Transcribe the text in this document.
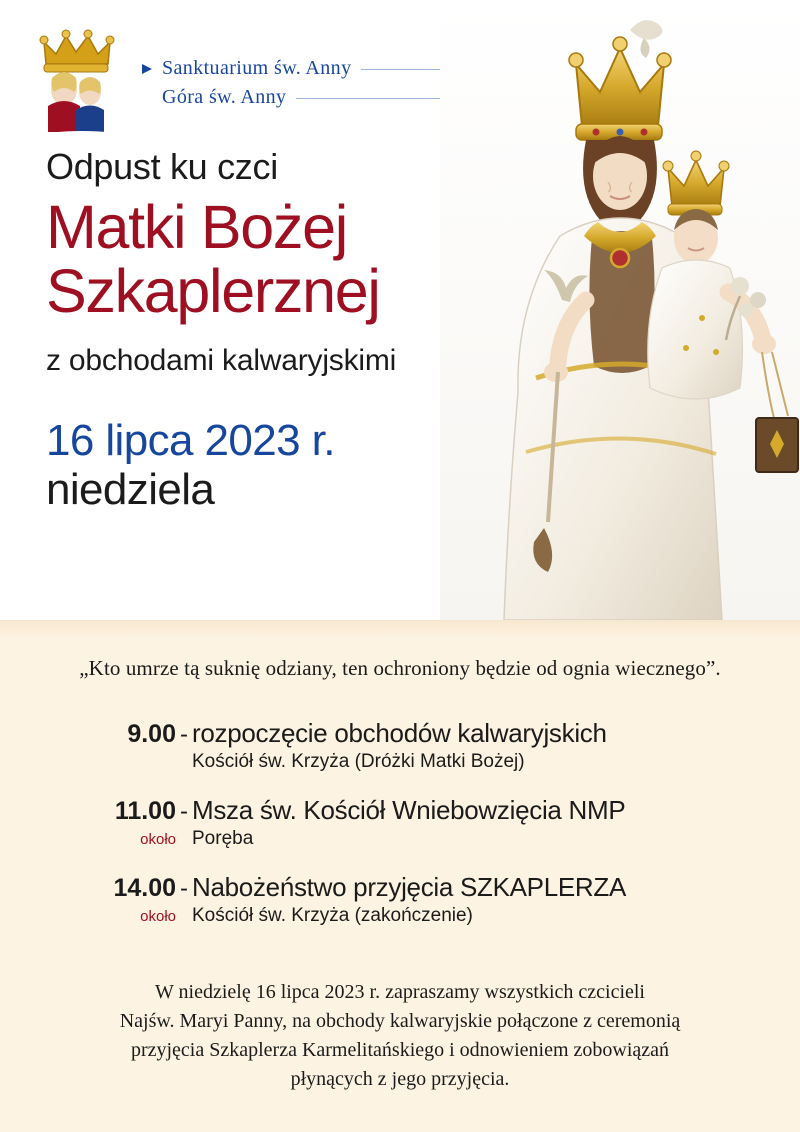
Sanktuarium św. Anny
Góra św. Anny
Odpust ku czci
Matki Bożej
Szkaplerznej
z obchodami kalwaryjskimi
16 lipca 2023 r.
niedziela
„Kto umrze tą suknię odziany, ten ochroniony będzie od ognia wiecznego”.
9.00 - rozpoczęcie obchodów kalwaryjskich
Kościół św. Krzyża (Dróżki Matki Bożej)
11.00 - Msza św. Kościół Wniebowzięcia NMP
około Poręba
14.00 - Nabożeństwo przyjęcia SZKAPLERZA
około Kościół św. Krzyża (zakończenie)
W niedzielę 16 lipca 2023 r. zapraszamy wszystkich czcicieli
Najśw. Maryi Panny, na obchody kalwaryjskie połączone z ceremonią
przyjęcia Szkaplerza Karmelitańskiego i odnowieniem zobowiązań
płynących z jego przyjęcia.
